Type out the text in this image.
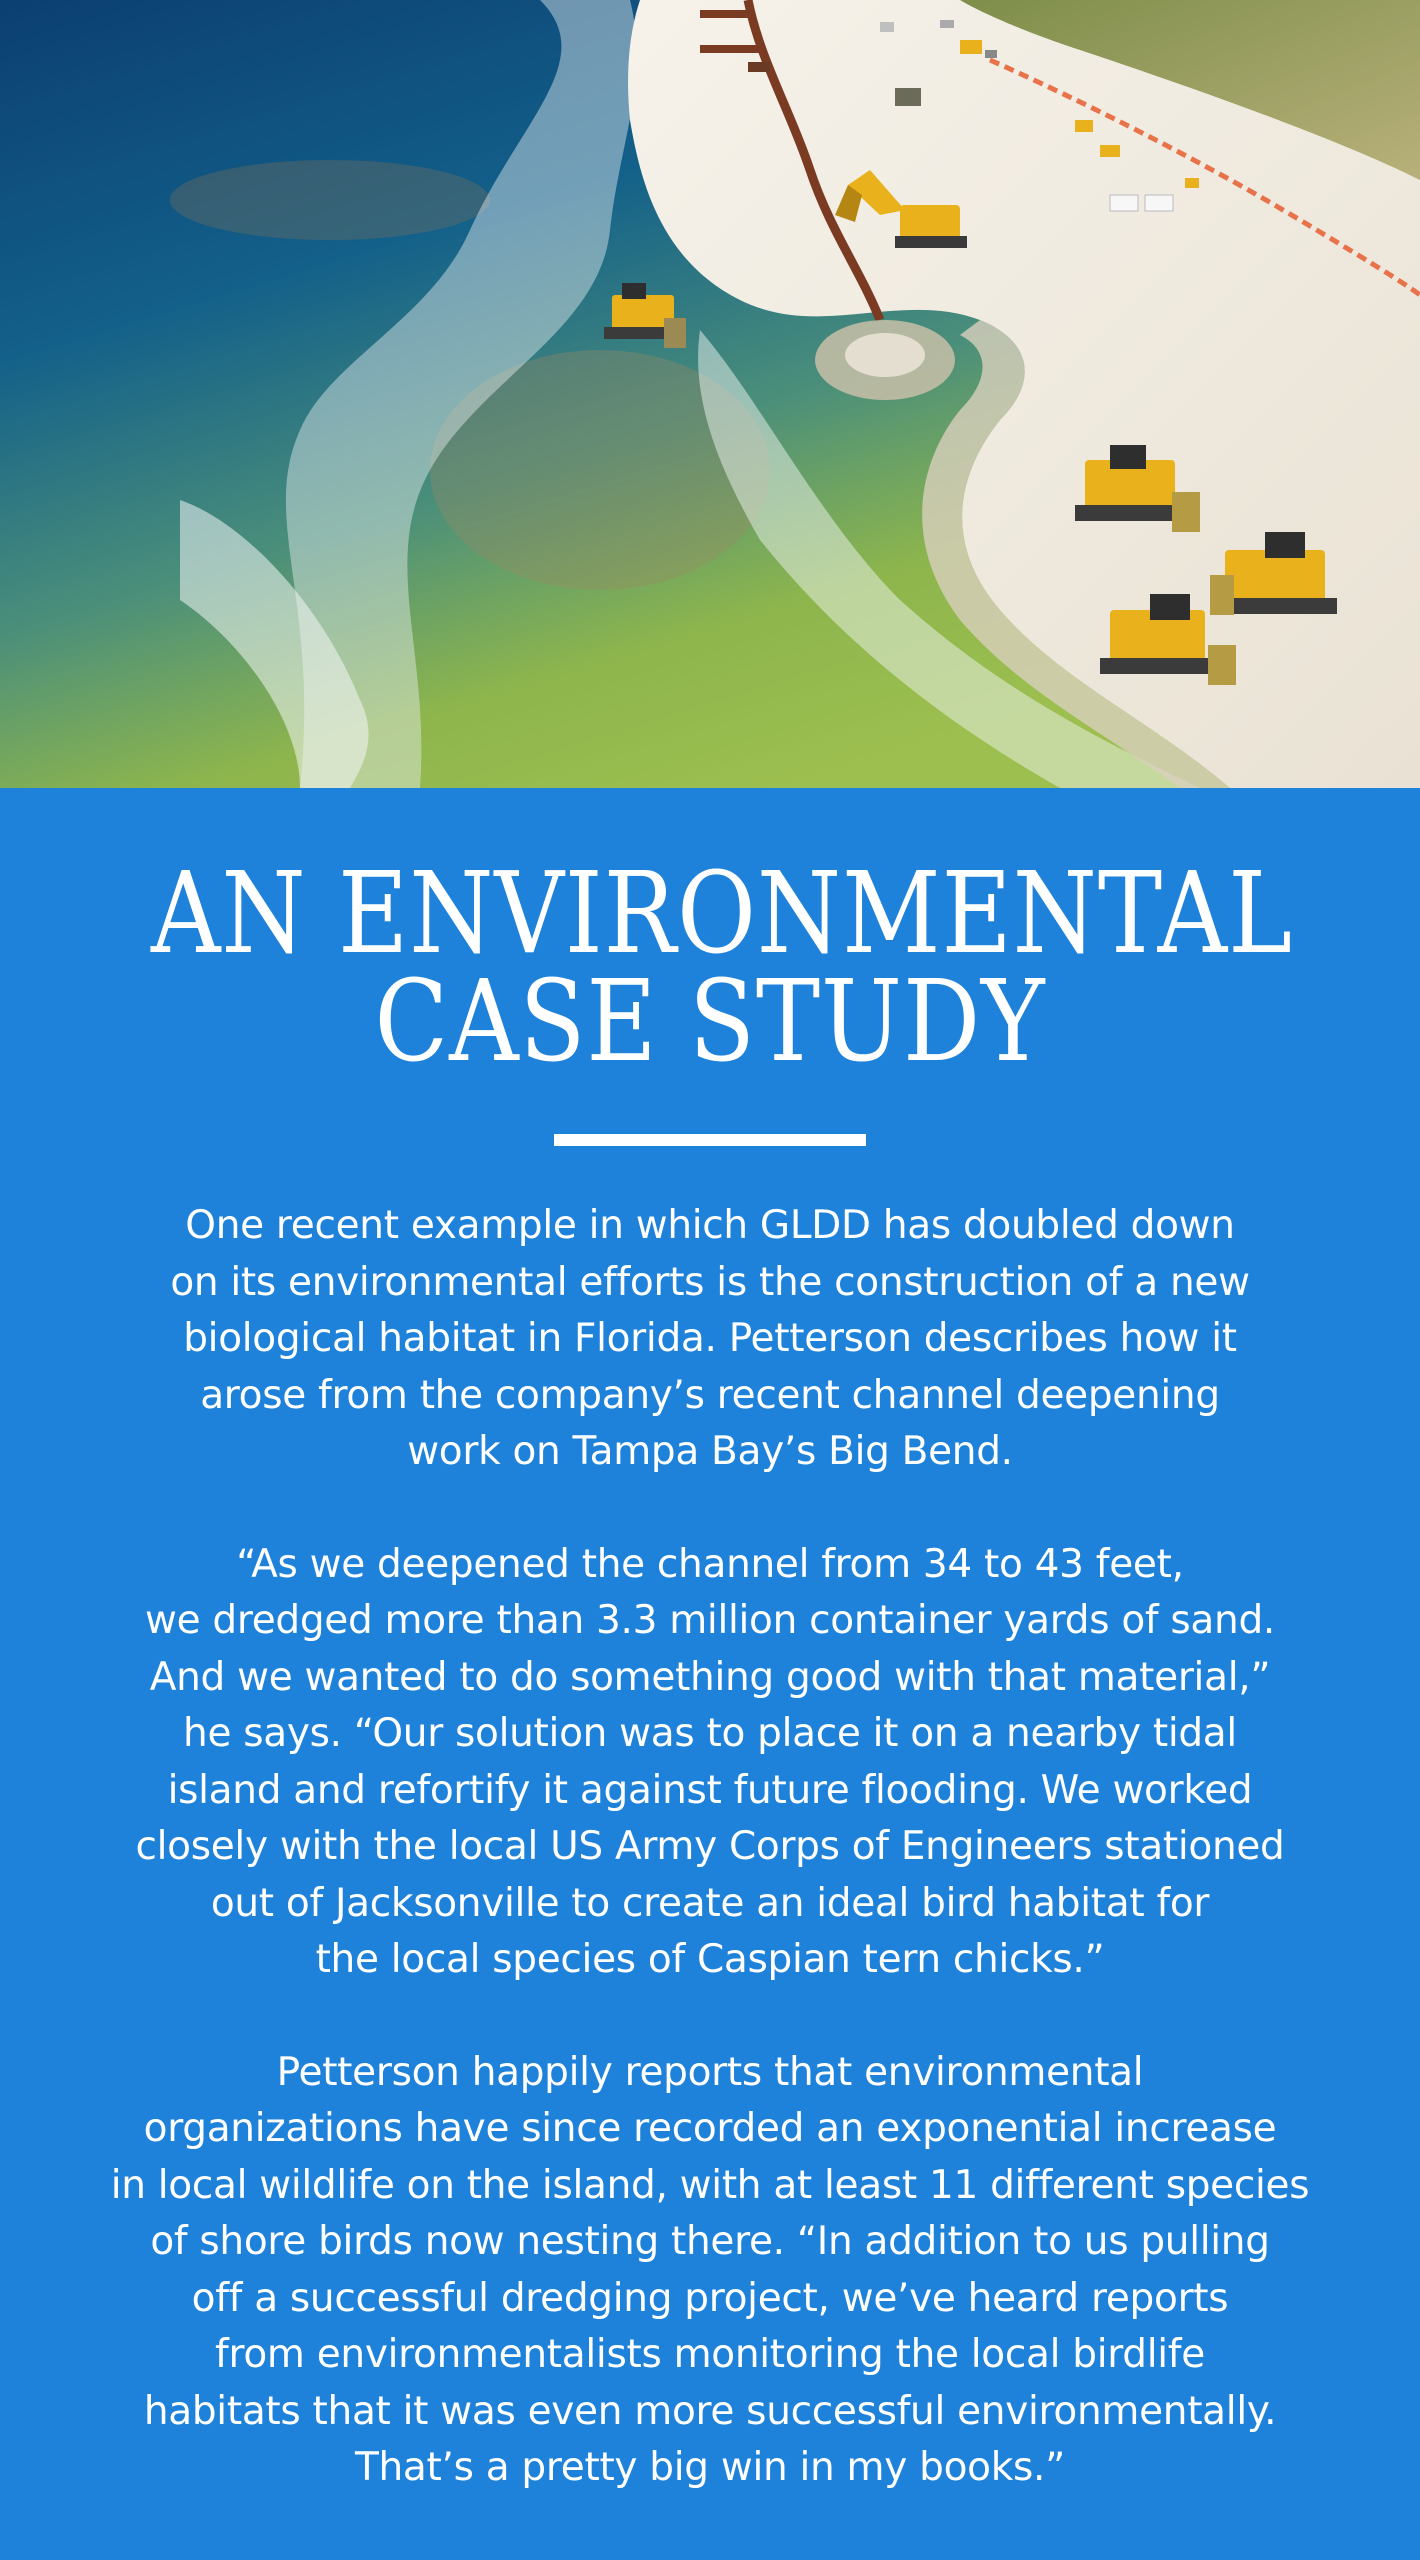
AN ENVIRONMENTAL
CASE STUDY

One recent example in which GLDD has doubled down
on its environmental efforts is the construction of a new
biological habitat in Florida. Petterson describes how it
arose from the company’s recent channel deepening
work on Tampa Bay’s Big Bend.

“As we deepened the channel from 34 to 43 feet,
we dredged more than 3.3 million container yards of sand.
And we wanted to do something good with that material,”
he says. “Our solution was to place it on a nearby tidal
island and refortify it against future flooding. We worked
closely with the local US Army Corps of Engineers stationed
out of Jacksonville to create an ideal bird habitat for
the local species of Caspian tern chicks.”

Petterson happily reports that environmental
organizations have since recorded an exponential increase
in local wildlife on the island, with at least 11 different species
of shore birds now nesting there. “In addition to us pulling
off a successful dredging project, we’ve heard reports
from environmentalists monitoring the local birdlife
habitats that it was even more successful environmentally.
That’s a pretty big win in my books.”
